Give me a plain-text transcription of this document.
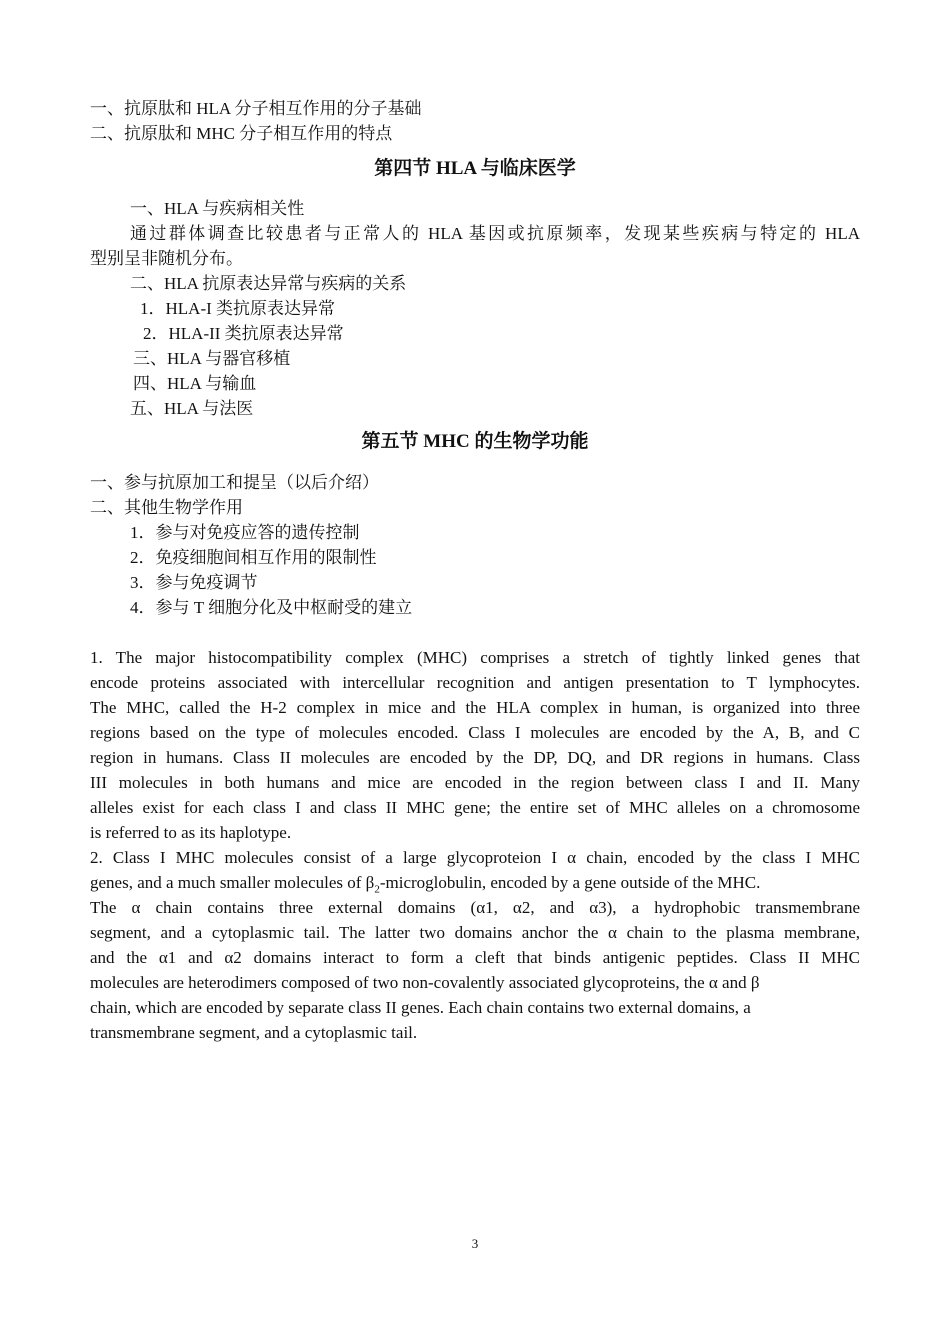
一、抗原肽和 HLA 分子相互作用的分子基础
二、抗原肽和 MHC 分子相互作用的特点
第四节 HLA 与临床医学
一、HLA 与疾病相关性
通过群体调查比较患者与正常人的 HLA 基因或抗原频率，发现某些疾病与特定的 HLA
型别呈非随机分布。
二、HLA 抗原表达异常与疾病的关系
1．HLA-I 类抗原表达异常
2．HLA-II 类抗原表达异常
三、HLA 与器官移植
四、HLA 与输血
五、HLA 与法医
第五节 MHC 的生物学功能
一、参与抗原加工和提呈（以后介绍）
二、其他生物学作用
1．参与对免疫应答的遗传控制
2．免疫细胞间相互作用的限制性
3．参与免疫调节
4．参与 T 细胞分化及中枢耐受的建立
1. The major histocompatibility complex (MHC) comprises a stretch of tightly linked genes that
encode proteins associated with intercellular recognition and antigen presentation to T lymphocytes.
The MHC, called the H-2 complex in mice and the HLA complex in human, is organized into three
regions based on the type of molecules encoded. Class I molecules are encoded by the A, B, and C
region in humans. Class II molecules are encoded by the DP, DQ, and DR regions in humans. Class
III molecules in both humans and mice are encoded in the region between class I and II. Many
alleles exist for each class I and class II MHC gene; the entire set of MHC alleles on a chromosome
is referred to as its haplotype.
2. Class I MHC molecules consist of a large glycoproteion I α chain, encoded by the class I MHC
genes, and a much smaller molecules of $\beta_2$-microglobulin, encoded by a gene outside of the MHC.
The α chain contains three external domains (α1, α2, and α3), a hydrophobic transmembrane
segment, and a cytoplasmic tail. The latter two domains anchor the α chain to the plasma membrane,
and the α1 and α2 domains interact to form a cleft that binds antigenic peptides. Class II MHC
molecules are heterodimers composed of two non-covalently associated glycoproteins, the α and β
chain, which are encoded by separate class II genes. Each chain contains two external domains, a
transmembrane segment, and a cytoplasmic tail.
3
